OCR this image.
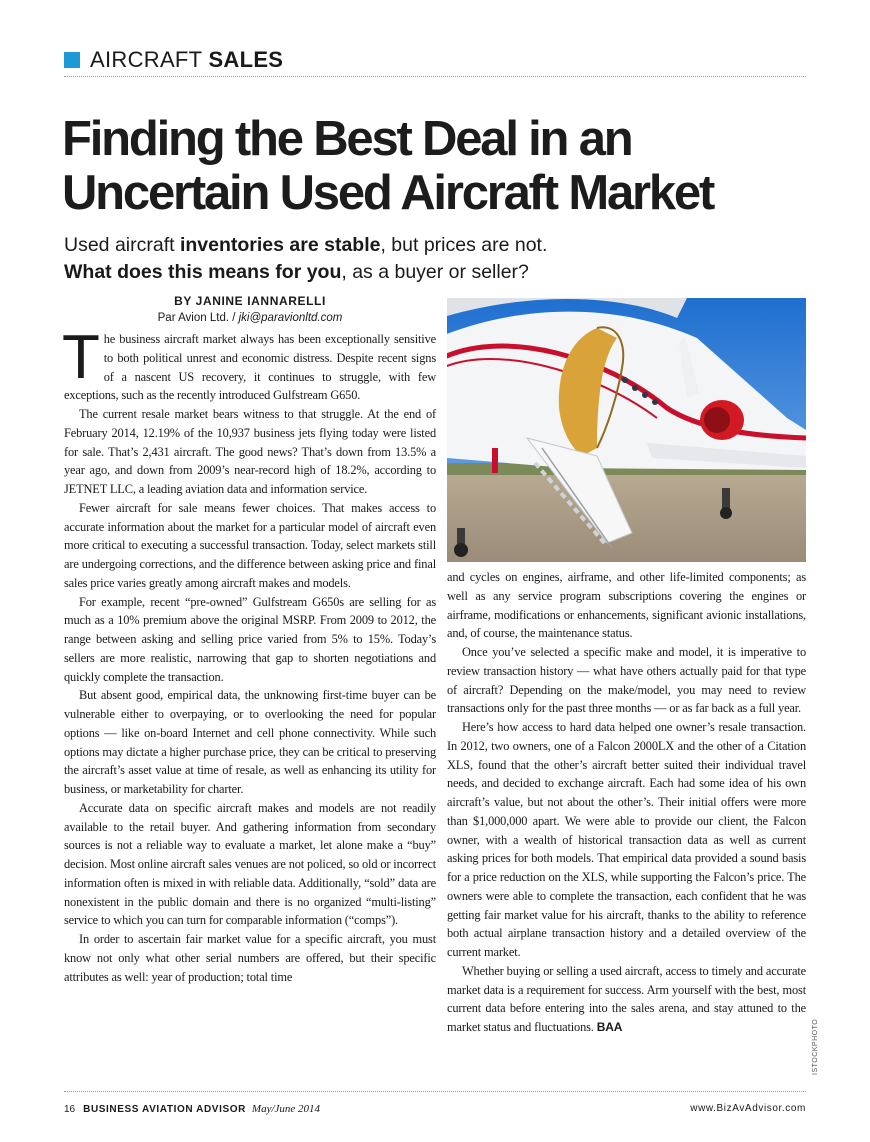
AIRCRAFT SALES
Finding the Best Deal in an Uncertain Used Aircraft Market

Used aircraft inventories are stable, but prices are not.
What does this means for you, as a buyer or seller?

BY JANINE IANNARELLI
Par Avion Ltd. / jki@paravionltd.com

The business aircraft market always has been exceptionally sensitive to both political unrest and economic distress. Despite recent signs of a nascent US recovery, it continues to struggle, with few exceptions, such as the recently introduced Gulfstream G650.

The current resale market bears witness to that struggle. At the end of February 2014, 12.19% of the 10,937 business jets flying today were listed for sale. That’s 2,431 aircraft. The good news? That’s down from 13.5% a year ago, and down from 2009’s near-record high of 18.2%, according to JETNET LLC, a leading aviation data and information service.

Fewer aircraft for sale means fewer choices. That makes access to accurate information about the market for a particular model of aircraft even more critical to executing a successful transaction. Today, select markets still are undergoing corrections, and the difference between asking price and final sales price varies greatly among aircraft makes and models.

For example, recent “pre-owned” Gulfstream G650s are selling for as much as a 10% premium above the original MSRP. From 2009 to 2012, the range between asking and selling price varied from 5% to 15%. Today’s sellers are more realistic, narrowing that gap to shorten negotiations and quickly complete the transaction.

But absent good, empirical data, the unknowing first-time buyer can be vulnerable either to overpaying, or to overlooking the need for popular options — like on-board Internet and cell phone connectivity. While such options may dictate a higher purchase price, they can be critical to preserving the aircraft’s asset value at time of resale, as well as enhancing its utility for business, or marketability for charter.

Accurate data on specific aircraft makes and models are not readily available to the retail buyer. And gathering information from secondary sources is not a reliable way to evaluate a market, let alone make a “buy” decision. Most online aircraft sales venues are not policed, so old or incorrect information often is mixed in with reliable data. Additionally, “sold” data are nonexistent in the public domain and there is no organized “multi-listing” service to which you can turn for comparable information (“comps”).

In order to ascertain fair market value for a specific aircraft, you must know not only what other serial numbers are offered, but their specific attributes as well: year of production; total time

and cycles on engines, airframe, and other life-limited components; as well as any service program subscriptions covering the engines or airframe, modifications or enhancements, significant avionic installations, and, of course, the maintenance status.

Once you’ve selected a specific make and model, it is imperative to review transaction history — what have others actually paid for that type of aircraft? Depending on the make/model, you may need to review transactions only for the past three months — or as far back as a full year.

Here’s how access to hard data helped one owner’s resale transaction. In 2012, two owners, one of a Falcon 2000LX and the other of a Citation XLS, found that the other’s aircraft better suited their individual travel needs, and decided to exchange aircraft. Each had some idea of his own aircraft’s value, but not about the other’s. Their initial offers were more than $1,000,000 apart. We were able to provide our client, the Falcon owner, with a wealth of historical transaction data as well as current asking prices for both models. That empirical data provided a sound basis for a price reduction on the XLS, while supporting the Falcon’s price. The owners were able to complete the transaction, each confident that he was getting fair market value for his aircraft, thanks to the ability to reference both actual airplane transaction history and a detailed overview of the current market.

Whether buying or selling a used aircraft, access to timely and accurate market data is a requirement for success. Arm yourself with the best, most current data before entering into the sales arena, and stay attuned to the market status and fluctuations. BAA	ISTOCKPHOTO
16 BUSINESS AVIATION ADVISOR May/June 2014	www.BizAvAdvisor.com
